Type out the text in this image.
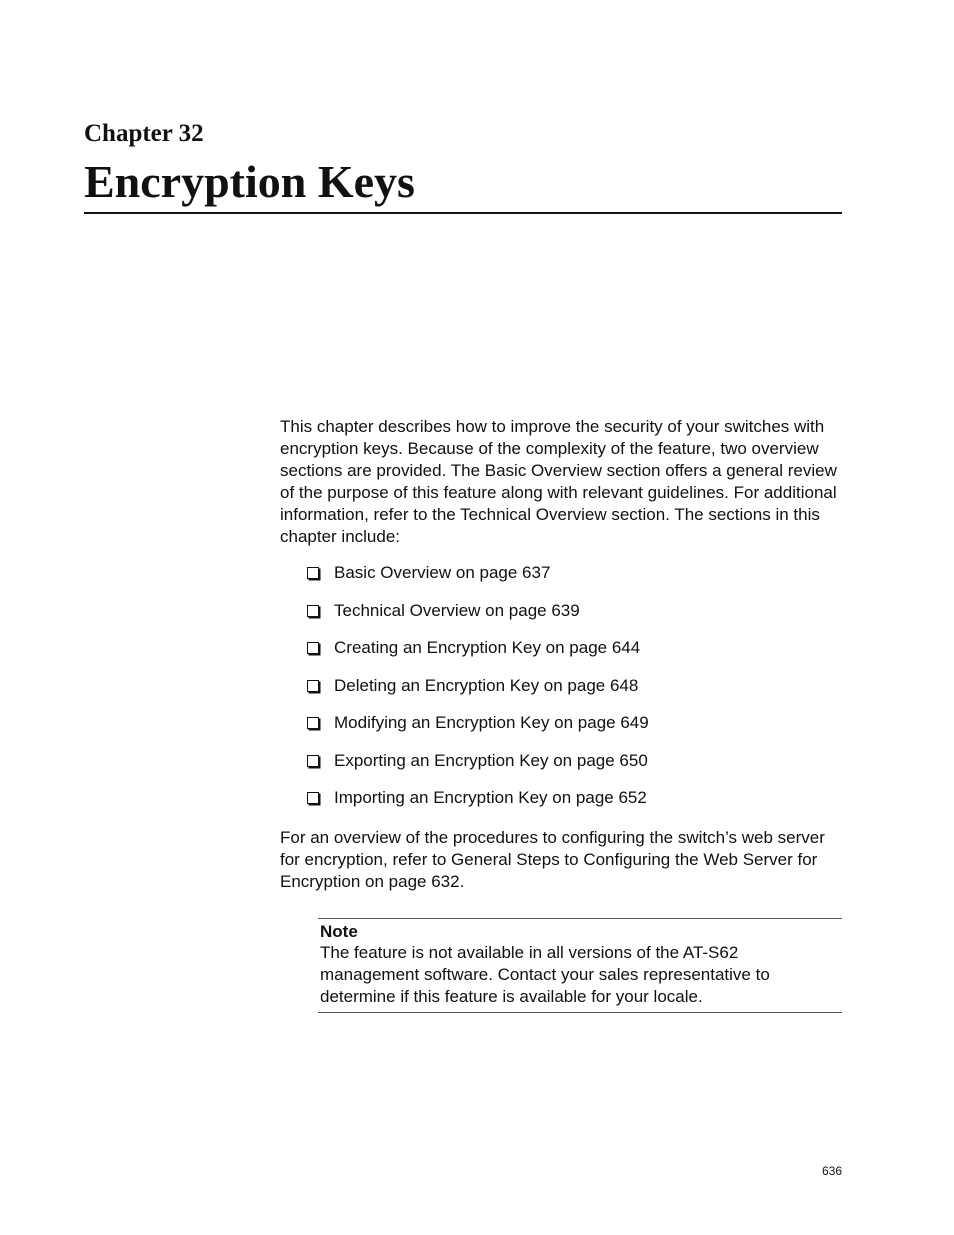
Chapter 32
Encryption Keys

This chapter describes how to improve the security of your switches with encryption keys. Because of the complexity of the feature, two overview sections are provided. The Basic Overview section offers a general review of the purpose of this feature along with relevant guidelines. For additional information, refer to the Technical Overview section. The sections in this chapter include:

Basic Overview on page 637
Technical Overview on page 639
Creating an Encryption Key on page 644
Deleting an Encryption Key on page 648
Modifying an Encryption Key on page 649
Exporting an Encryption Key on page 650
Importing an Encryption Key on page 652

For an overview of the procedures to configuring the switch’s web server for encryption, refer to General Steps to Configuring the Web Server for Encryption on page 632.

Note

The feature is not available in all versions of the AT-S62 management software. Contact your sales representative to determine if this feature is available for your locale.

636
